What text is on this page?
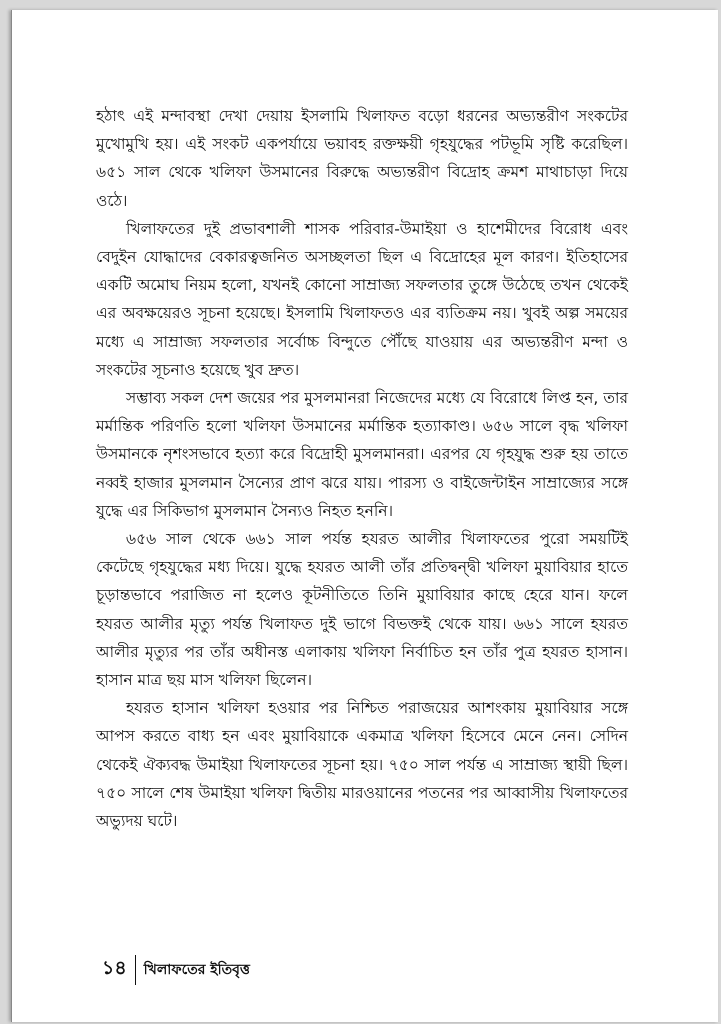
হঠাৎ এই মন্দাবস্থা দেখা দেয়ায় ইসলামি খিলাফত বড়ো ধরনের অভ্যন্তরীণ সংকটের মুখোমুখি হয়। এই সংকট একপর্যায়ে ভয়াবহ রক্তক্ষয়ী গৃহযুদ্ধের পটভূমি সৃষ্টি করেছিল। ৬৫১ সাল থেকে খলিফা উসমানের বিরুদ্ধে অভ্যন্তরীণ বিদ্রোহ ক্রমশ মাথাচাড়া দিয়ে ওঠে।

খিলাফতের দুই প্রভাবশালী শাসক পরিবার-উমাইয়া ও হাশেমীদের বিরোধ এবং বেদুইন যোদ্ধাদের বেকারত্বজনিত অসচ্ছলতা ছিল এ বিদ্রোহের মূল কারণ। ইতিহাসের একটি অমোঘ নিয়ম হলো, যখনই কোনো সাম্রাজ্য সফলতার তুঙ্গে উঠেছে তখন থেকেই এর অবক্ষয়েরও সূচনা হয়েছে। ইসলামি খিলাফতও এর ব্যতিক্রম নয়। খুবই অল্প সময়ের মধ্যে এ সাম্রাজ্য সফলতার সর্বোচ্চ বিন্দুতে পৌঁছে যাওয়ায় এর অভ্যন্তরীণ মন্দা ও সংকটের সূচনাও হয়েছে খুব দ্রুত।

সম্ভাব্য সকল দেশ জয়ের পর মুসলমানরা নিজেদের মধ্যে যে বিরোধে লিপ্ত হন, তার মর্মান্তিক পরিণতি হলো খলিফা উসমানের মর্মান্তিক হত্যাকাণ্ড। ৬৫৬ সালে বৃদ্ধ খলিফা উসমানকে নৃশংসভাবে হত্যা করে বিদ্রোহী মুসলমানরা। এরপর যে গৃহযুদ্ধ শুরু হয় তাতে নব্বই হাজার মুসলমান সৈন্যের প্রাণ ঝরে যায়। পারস্য ও বাইজেন্টাইন সাম্রাজ্যের সঙ্গে যুদ্ধে এর সিকিভাগ মুসলমান সৈন্যও নিহত হননি।

৬৫৬ সাল থেকে ৬৬১ সাল পর্যন্ত হযরত আলীর খিলাফতের পুরো সময়টিই কেটেছে গৃহযুদ্ধের মধ্য দিয়ে। যুদ্ধে হযরত আলী তাঁর প্রতিদ্বন্দ্বী খলিফা মুয়াবিয়ার হাতে চূড়ান্তভাবে পরাজিত না হলেও কূটনীতিতে তিনি মুয়াবিয়ার কাছে হেরে যান। ফলে হযরত আলীর মৃত্যু পর্যন্ত খিলাফত দুই ভাগে বিভক্তই থেকে যায়। ৬৬১ সালে হযরত আলীর মৃত্যুর পর তাঁর অধীনস্ত এলাকায় খলিফা নির্বাচিত হন তাঁর পুত্র হযরত হাসান। হাসান মাত্র ছয় মাস খলিফা ছিলেন।

হযরত হাসান খলিফা হওয়ার পর নিশ্চিত পরাজয়ের আশংকায় মুয়াবিয়ার সঙ্গে আপস করতে বাধ্য হন এবং মুয়াবিয়াকে একমাত্র খলিফা হিসেবে মেনে নেন। সেদিন থেকেই ঐক্যবদ্ধ উমাইয়া খিলাফতের সূচনা হয়। ৭৫০ সাল পর্যন্ত এ সাম্রাজ্য স্থায়ী ছিল। ৭৫০ সালে শেষ উমাইয়া খলিফা দ্বিতীয় মারওয়ানের পতনের পর আব্বাসীয় খিলাফতের অভ্যুদয় ঘটে।

১৪	খিলাফতের ইতিবৃত্ত
